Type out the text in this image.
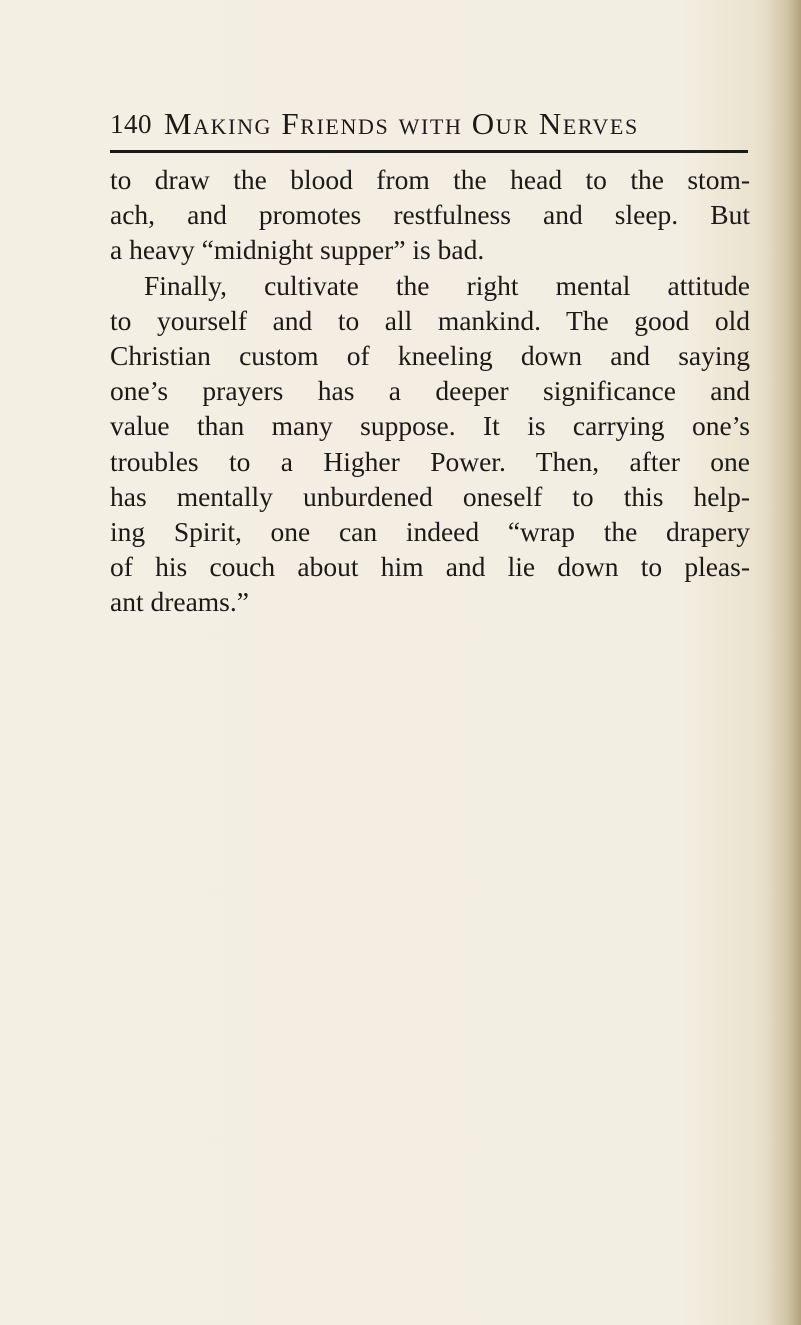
140 Making Friends with Our Nerves
to draw the blood from the head to the stom-
ach, and promotes restfulness and sleep. But
a heavy “midnight supper” is bad.
Finally, cultivate the right mental attitude
to yourself and to all mankind. The good old
Christian custom of kneeling down and saying
one’s prayers has a deeper significance and
value than many suppose. It is carrying one’s
troubles to a Higher Power. Then, after one
has mentally unburdened oneself to this help-
ing Spirit, one can indeed “wrap the drapery
of his couch about him and lie down to pleas-
ant dreams.”
